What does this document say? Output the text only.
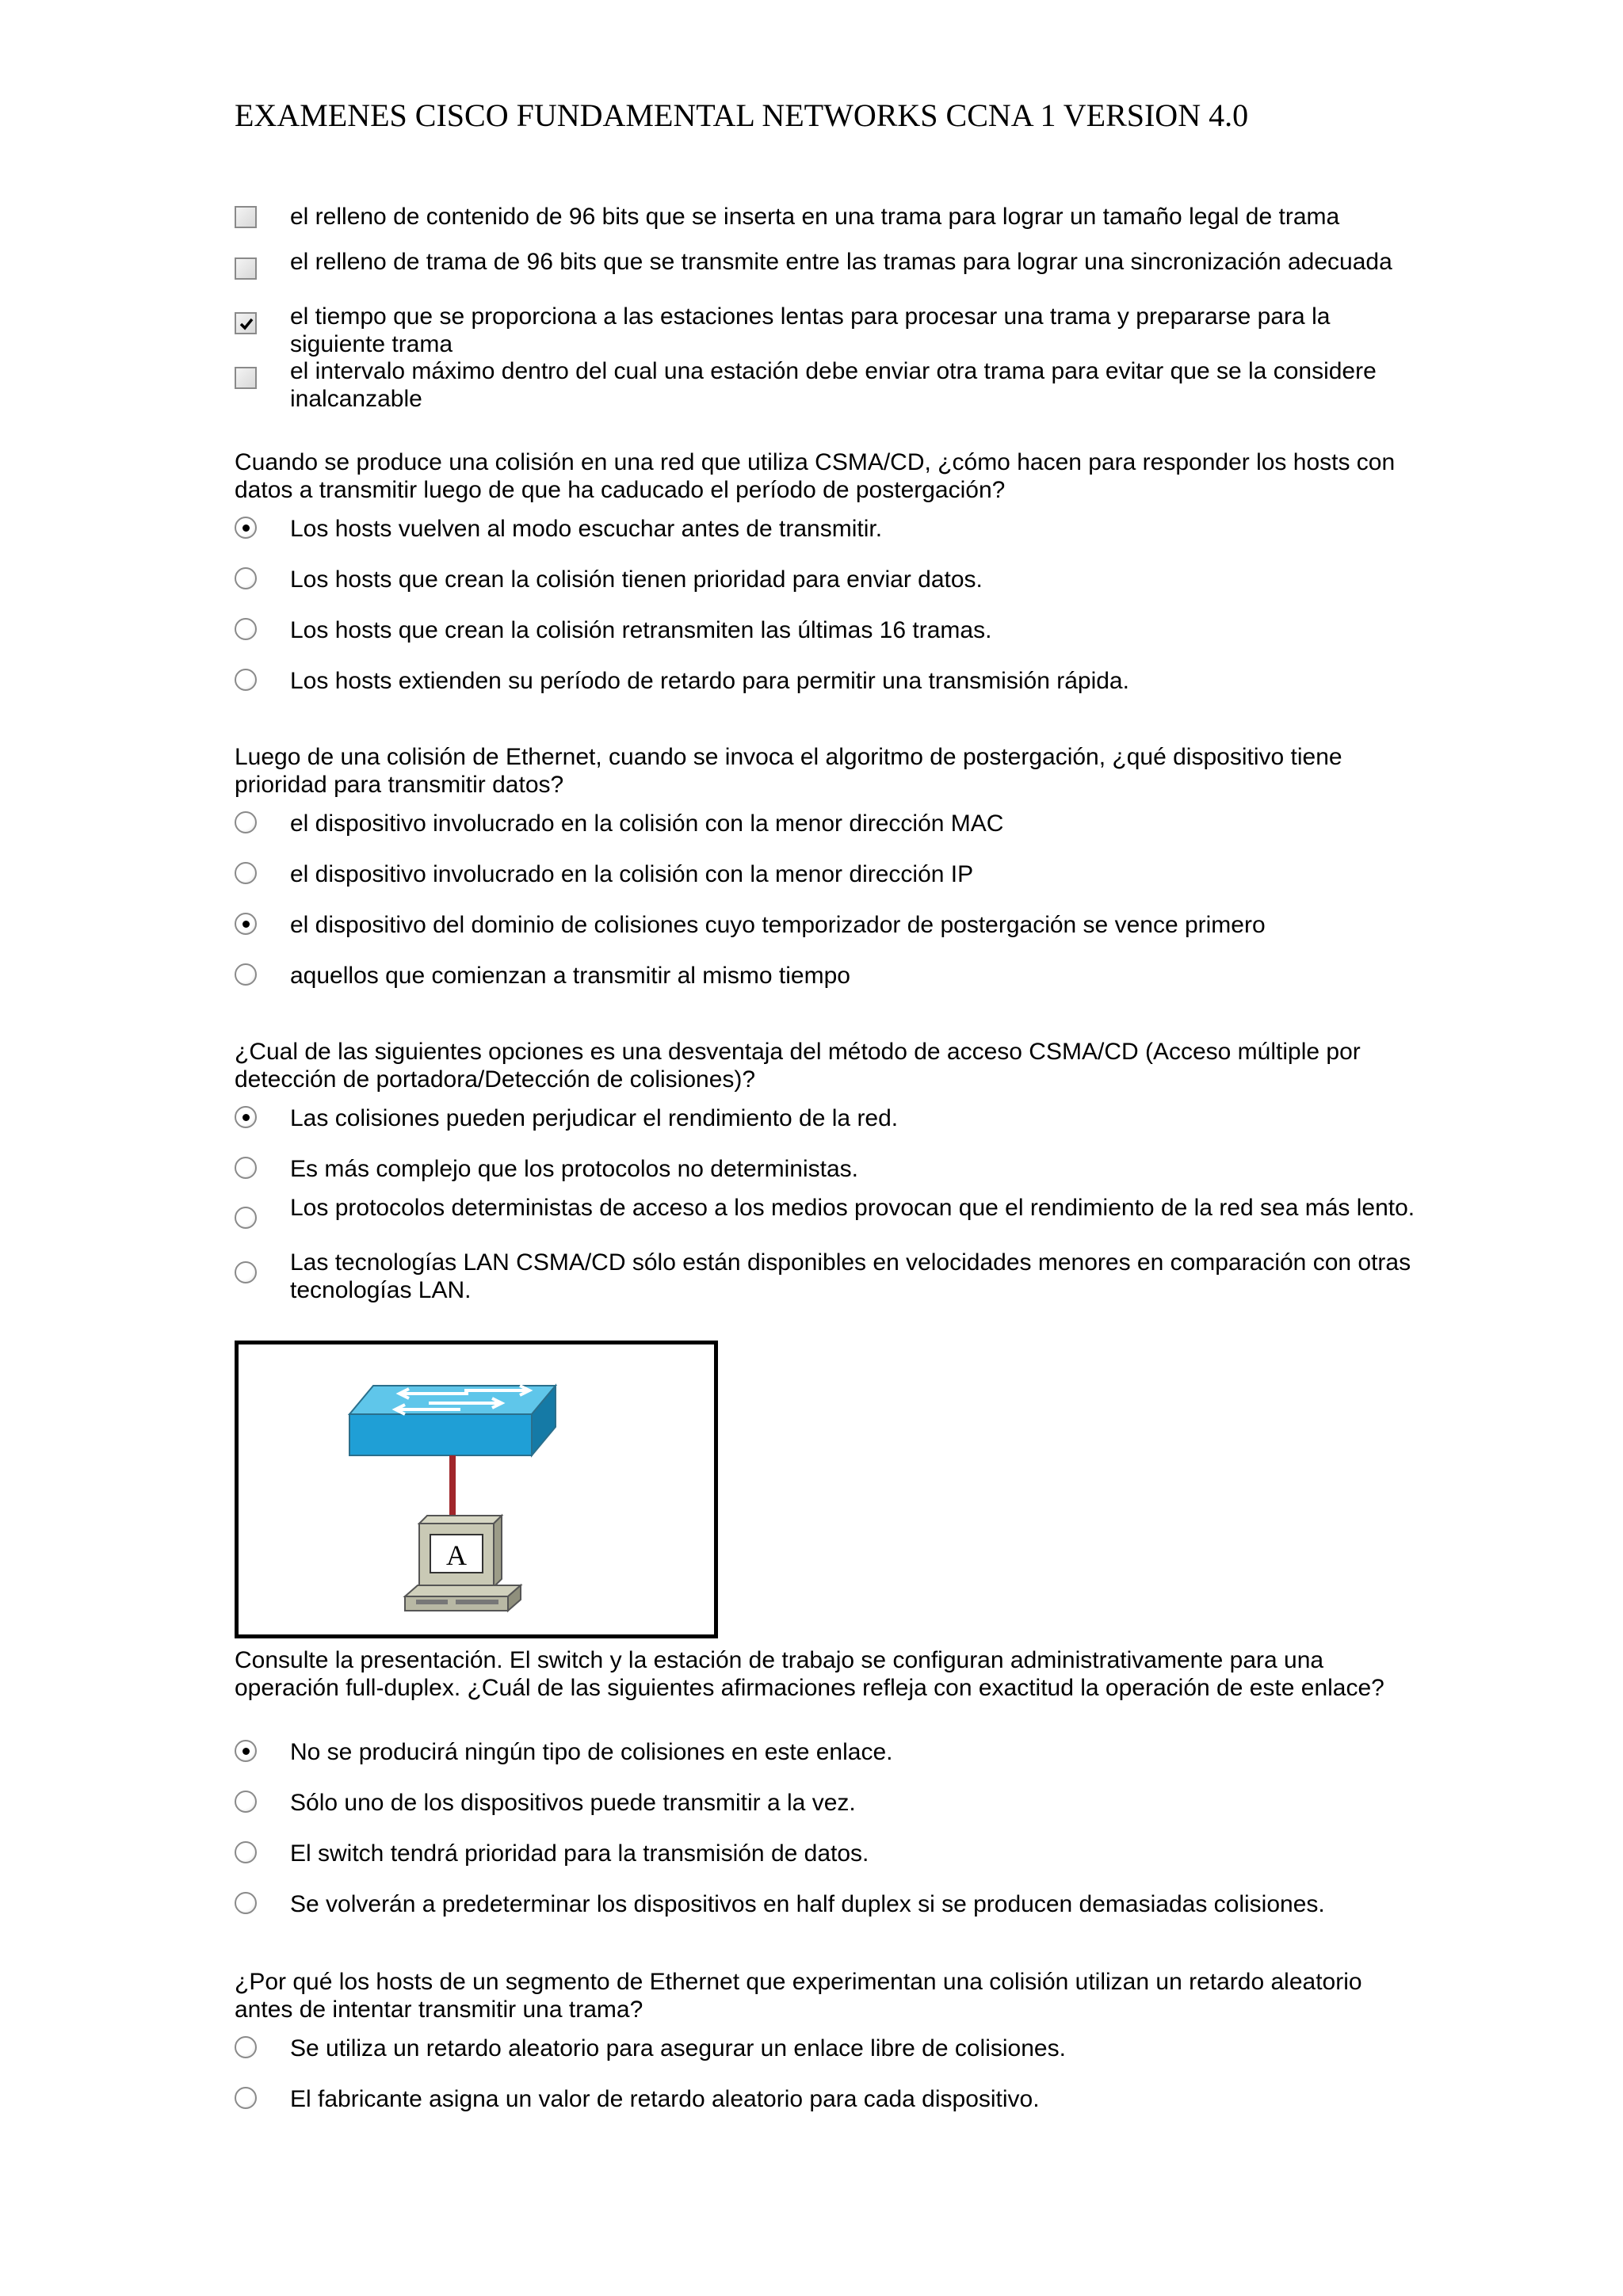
EXAMENES CISCO FUNDAMENTAL NETWORKS CCNA 1 VERSION 4.0
el relleno de contenido de 96 bits que se inserta en una trama para lograr un tamaño legal de trama
el relleno de trama de 96 bits que se transmite entre las tramas para lograr una sincronización adecuada
el tiempo que se proporciona a las estaciones lentas para procesar una trama y prepararse para la siguiente trama
el intervalo máximo dentro del cual una estación debe enviar otra trama para evitar que se la considere inalcanzable
Cuando se produce una colisión en una red que utiliza CSMA/CD, ¿cómo hacen para responder los hosts con datos a transmitir luego de que ha caducado el período de postergación?
Los hosts vuelven al modo escuchar antes de transmitir.
Los hosts que crean la colisión tienen prioridad para enviar datos.
Los hosts que crean la colisión retransmiten las últimas 16 tramas.
Los hosts extienden su período de retardo para permitir una transmisión rápida.
Luego de una colisión de Ethernet, cuando se invoca el algoritmo de postergación, ¿qué dispositivo tiene prioridad para transmitir datos?
el dispositivo involucrado en la colisión con la menor dirección MAC
el dispositivo involucrado en la colisión con la menor dirección IP
el dispositivo del dominio de colisiones cuyo temporizador de postergación se vence primero
aquellos que comienzan a transmitir al mismo tiempo
¿Cual de las siguientes opciones es una desventaja del método de acceso CSMA/CD (Acceso múltiple por detección de portadora/Detección de colisiones)?
Las colisiones pueden perjudicar el rendimiento de la red.
Es más complejo que los protocolos no deterministas.
Los protocolos deterministas de acceso a los medios provocan que el rendimiento de la red sea más lento.
Las tecnologías LAN CSMA/CD sólo están disponibles en velocidades menores en comparación con otras tecnologías LAN.
A
Consulte la presentación. El switch y la estación de trabajo se configuran administrativamente para una operación full-duplex. ¿Cuál de las siguientes afirmaciones refleja con exactitud la operación de este enlace?
No se producirá ningún tipo de colisiones en este enlace.
Sólo uno de los dispositivos puede transmitir a la vez.
El switch tendrá prioridad para la transmisión de datos.
Se volverán a predeterminar los dispositivos en half duplex si se producen demasiadas colisiones.
¿Por qué los hosts de un segmento de Ethernet que experimentan una colisión utilizan un retardo aleatorio antes de intentar transmitir una trama?
Se utiliza un retardo aleatorio para asegurar un enlace libre de colisiones.
El fabricante asigna un valor de retardo aleatorio para cada dispositivo.
